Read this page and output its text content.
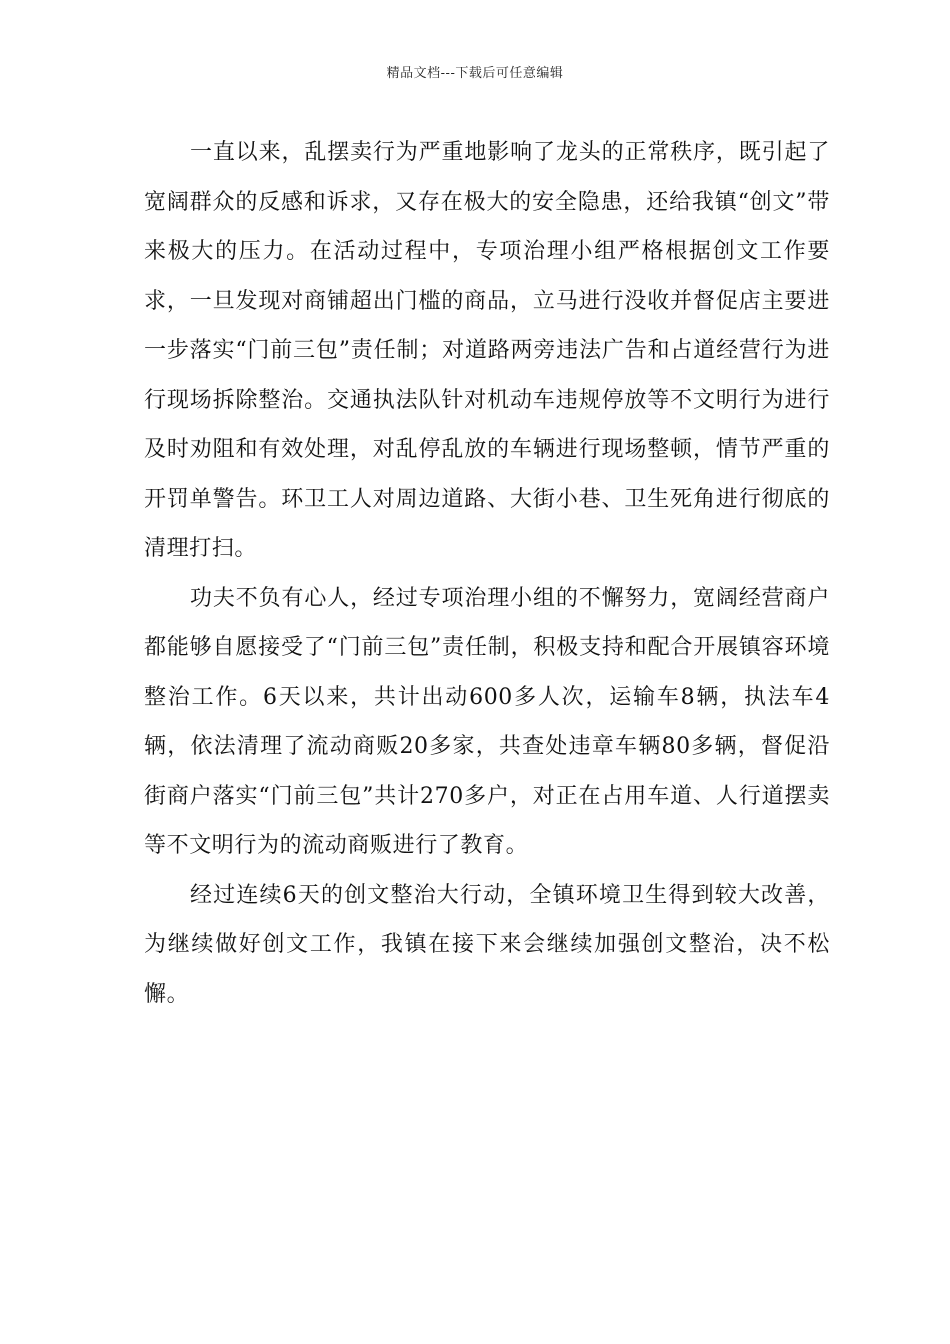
精品文档---下载后可任意编辑

一直以来，乱摆卖行为严重地影响了龙头的正常秩序，既引起了宽阔群众的反感和诉求，又存在极大的安全隐患，还给我镇“创文”带来极大的压力。在活动过程中，专项治理小组严格根据创文工作要求，一旦发现对商铺超出门槛的商品，立马进行没收并督促店主要进一步落实“门前三包”责任制；对道路两旁违法广告和占道经营行为进行现场拆除整治。交通执法队针对机动车违规停放等不文明行为进行及时劝阻和有效处理，对乱停乱放的车辆进行现场整顿，情节严重的开罚单警告。环卫工人对周边道路、大街小巷、卫生死角进行彻底的清理打扫。

功夫不负有心人，经过专项治理小组的不懈努力，宽阔经营商户都能够自愿接受了“门前三包”责任制，积极支持和配合开展镇容环境整治工作。6天以来，共计出动600多人次，运输车8辆，执法车4辆，依法清理了流动商贩20多家，共查处违章车辆80多辆，督促沿街商户落实“门前三包”共计270多户，对正在占用车道、人行道摆卖等不文明行为的流动商贩进行了教育。

经过连续6天的创文整治大行动，全镇环境卫生得到较大改善，为继续做好创文工作，我镇在接下来会继续加强创文整治，决不松懈。
